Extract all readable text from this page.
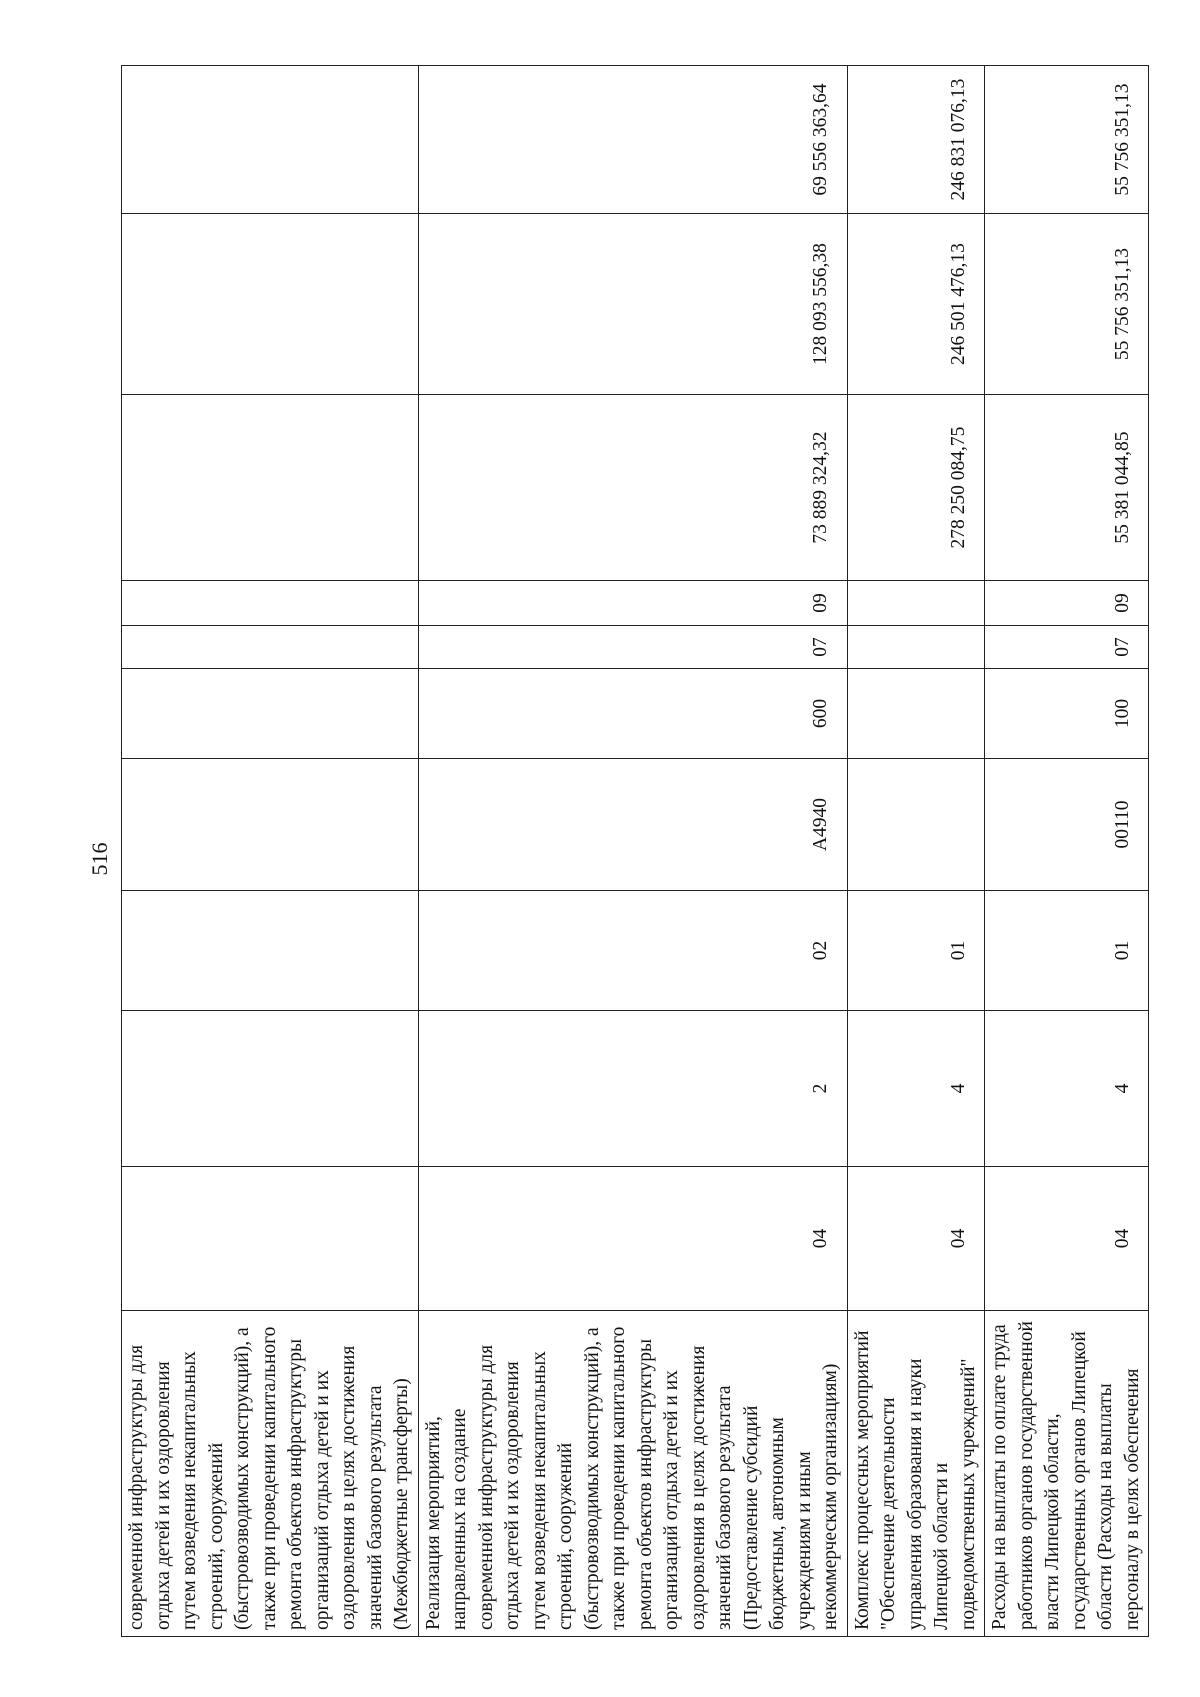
516
современной инфраструктуры для отдыха детей и их оздоровления путем возведения некапитальных строений, сооружений (быстровозводимых конструкций), а также при проведении капитального ремонта объектов инфраструктуры организаций отдыха детей и их оздоровления в целях достижения значений базового результата (Межбюджетные трансферты)										
Реализация мероприятий, направленных на создание современной инфраструктуры для отдыха детей и их оздоровления путем возведения некапитальных строений, сооружений (быстровозводимых конструкций), а также при проведении капитального ремонта объектов инфраструктуры организаций отдыха детей и их оздоровления в целях достижения значений базового результата (Предоставление субсидий бюджетным, автономным учреждениям и иным некоммерческим организациям)	04	2	02	А4940	600	07	09	73 889 324,32	128 093 556,38	69 556 363,64
Комплекс процессных мероприятий "Обеспечение деятельности управления образования и науки Липецкой области и подведомственных учреждений"	04	4	01					278 250 084,75	246 501 476,13	246 831 076,13
Расходы на выплаты по оплате труда работников органов государственной власти Липецкой области, государственных органов Липецкой области (Расходы на выплаты персоналу в целях обеспечения	04	4	01	00110	100	07	09	55 381 044,85	55 756 351,13	55 756 351,13
